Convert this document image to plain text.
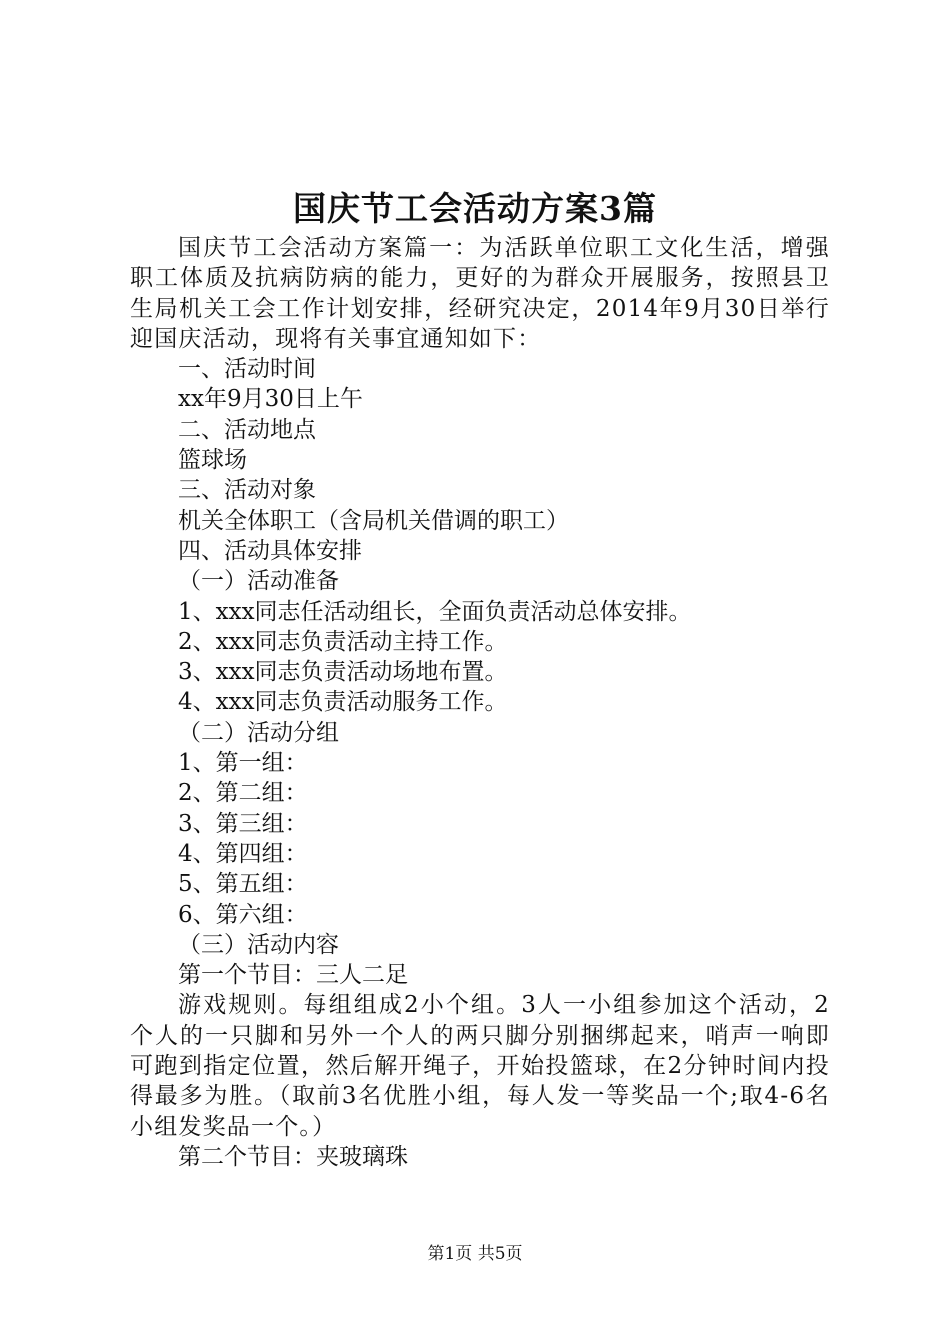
国庆节工会活动方案3篇

国庆节工会活动方案篇一：为活跃单位职工文化生活，增强职工体质及抗病防病的能力，更好的为群众开展服务，按照县卫生局机关工会工作计划安排，经研究决定，2014年9月30日举行迎国庆活动，现将有关事宜通知如下：

一、活动时间

xx年9月30日上午

二、活动地点

篮球场

三、活动对象

机关全体职工（含局机关借调的职工）

四、活动具体安排

（一）活动准备

1、xxx同志任活动组长，全面负责活动总体安排。

2、xxx同志负责活动主持工作。

3、xxx同志负责活动场地布置。

4、xxx同志负责活动服务工作。

（二）活动分组

1、第一组：

2、第二组：

3、第三组：

4、第四组：

5、第五组：

6、第六组：

（三）活动内容

第一个节目：三人二足

游戏规则。每组组成2小个组。3人一小组参加这个活动，2个人的一只脚和另外一个人的两只脚分别捆绑起来，哨声一响即可跑到指定位置，然后解开绳子，开始投篮球，在2分钟时间内投得最多为胜。（取前3名优胜小组，每人发一等奖品一个;取4-6名小组发奖品一个。）

第二个节目：夹玻璃珠

第1页 共5页
